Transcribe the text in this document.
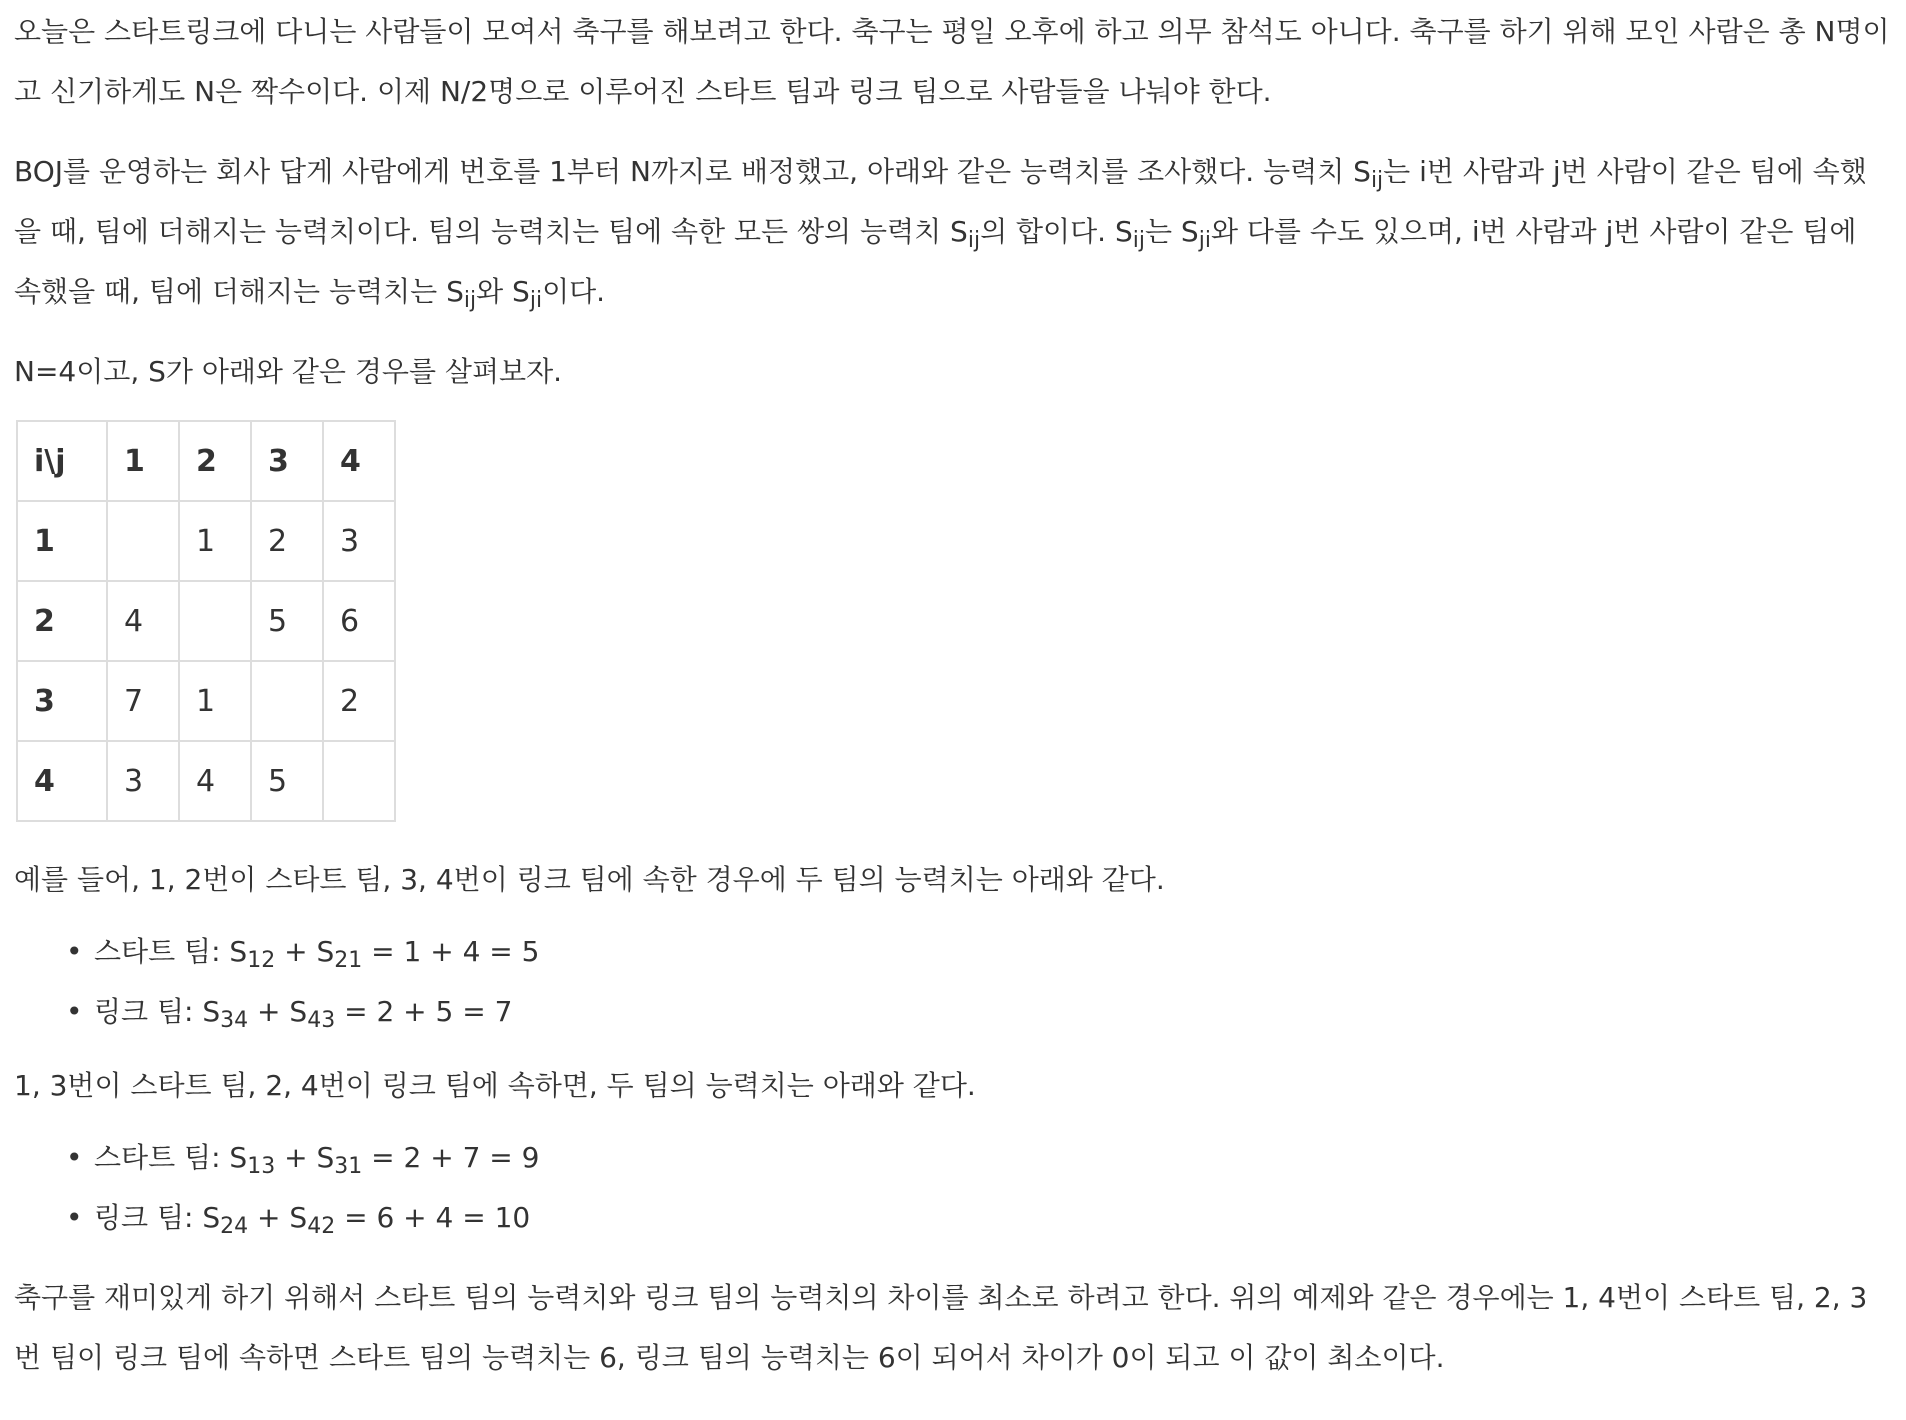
오늘은 스타트링크에 다니는 사람들이 모여서 축구를 해보려고 한다. 축구는 평일 오후에 하고 의무 참석도 아니다. 축구를 하기 위해 모인 사람은 총 N명이고 신기하게도 N은 짝수이다. 이제 N/2명으로 이루어진 스타트 팀과 링크 팀으로 사람들을 나눠야 한다.

BOJ를 운영하는 회사 답게 사람에게 번호를 1부터 N까지로 배정했고, 아래와 같은 능력치를 조사했다. 능력치 $S_{ij}$는 i번 사람과 j번 사람이 같은 팀에 속했을 때, 팀에 더해지는 능력치이다. 팀의 능력치는 팀에 속한 모든 쌍의 능력치 $S_{ij}$의 합이다. $S_{ij}$는 $S_{ji}$와 다를 수도 있으며, i번 사람과 j번 사람이 같은 팀에 속했을 때, 팀에 더해지는 능력치는 $S_{ij}$와 $S_{ji}$이다.

N=4이고, S가 아래와 같은 경우를 살펴보자.

i\j	1	2	3	4
1		1	2	3
2	4		5	6
3	7	1		2
4	3	4	5	

예를 들어, 1, 2번이 스타트 팀, 3, 4번이 링크 팀에 속한 경우에 두 팀의 능력치는 아래와 같다.

• 스타트 팀: $S_{12} + S_{21} = 1 + 4 = 5$
• 링크 팀: $S_{34} + S_{43} = 2 + 5 = 7$

1, 3번이 스타트 팀, 2, 4번이 링크 팀에 속하면, 두 팀의 능력치는 아래와 같다.

• 스타트 팀: $S_{13} + S_{31} = 2 + 7 = 9$
• 링크 팀: $S_{24} + S_{42} = 6 + 4 = 10$

축구를 재미있게 하기 위해서 스타트 팀의 능력치와 링크 팀의 능력치의 차이를 최소로 하려고 한다. 위의 예제와 같은 경우에는 1, 4번이 스타트 팀, 2, 3번 팀이 링크 팀에 속하면 스타트 팀의 능력치는 6, 링크 팀의 능력치는 6이 되어서 차이가 0이 되고 이 값이 최소이다.
